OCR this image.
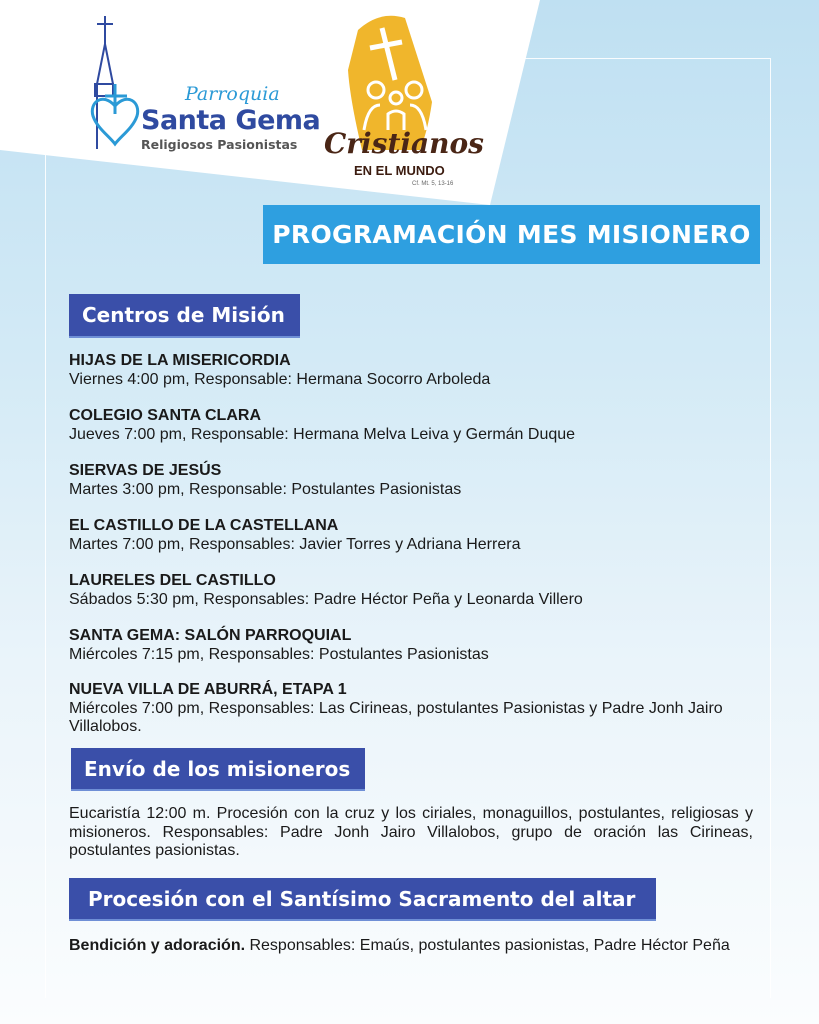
Parroquia
Santa Gema
Religiosos Pasionistas Cristianos
EN EL MUNDO
Cf. Mt. 5, 13-16
PROGRAMACIÓN MES MISIONERO
Centros de Misión
HIJAS DE LA MISERICORDIA
Viernes 4:00 pm, Responsable: Hermana Socorro Arboleda
COLEGIO SANTA CLARA
Jueves 7:00 pm, Responsable: Hermana Melva Leiva y Germán Duque
SIERVAS DE JESÚS
Martes 3:00 pm, Responsable: Postulantes Pasionistas
EL CASTILLO DE LA CASTELLANA
Martes 7:00 pm, Responsables: Javier Torres y Adriana Herrera
LAURELES DEL CASTILLO
Sábados 5:30 pm, Responsables: Padre Héctor Peña y Leonarda Villero
SANTA GEMA: SALÓN PARROQUIAL
Miércoles 7:15 pm, Responsables: Postulantes Pasionistas
NUEVA VILLA DE ABURRÁ, ETAPA 1
Miércoles 7:00 pm, Responsables: Las Cirineas, postulantes Pasionistas y Padre Jonh Jairo Villalobos.
Envío de los misioneros
Eucaristía 12:00 m. Procesión con la cruz y los ciriales, monaguillos, postulantes, religiosas y misioneros. Responsables: Padre Jonh Jairo Villalobos, grupo de oración las Cirineas, postulantes pasionistas.
Procesión con el Santísimo Sacramento del altar
Bendición y adoración. Responsables: Emaús, postulantes pasionistas, Padre Héctor Peña
